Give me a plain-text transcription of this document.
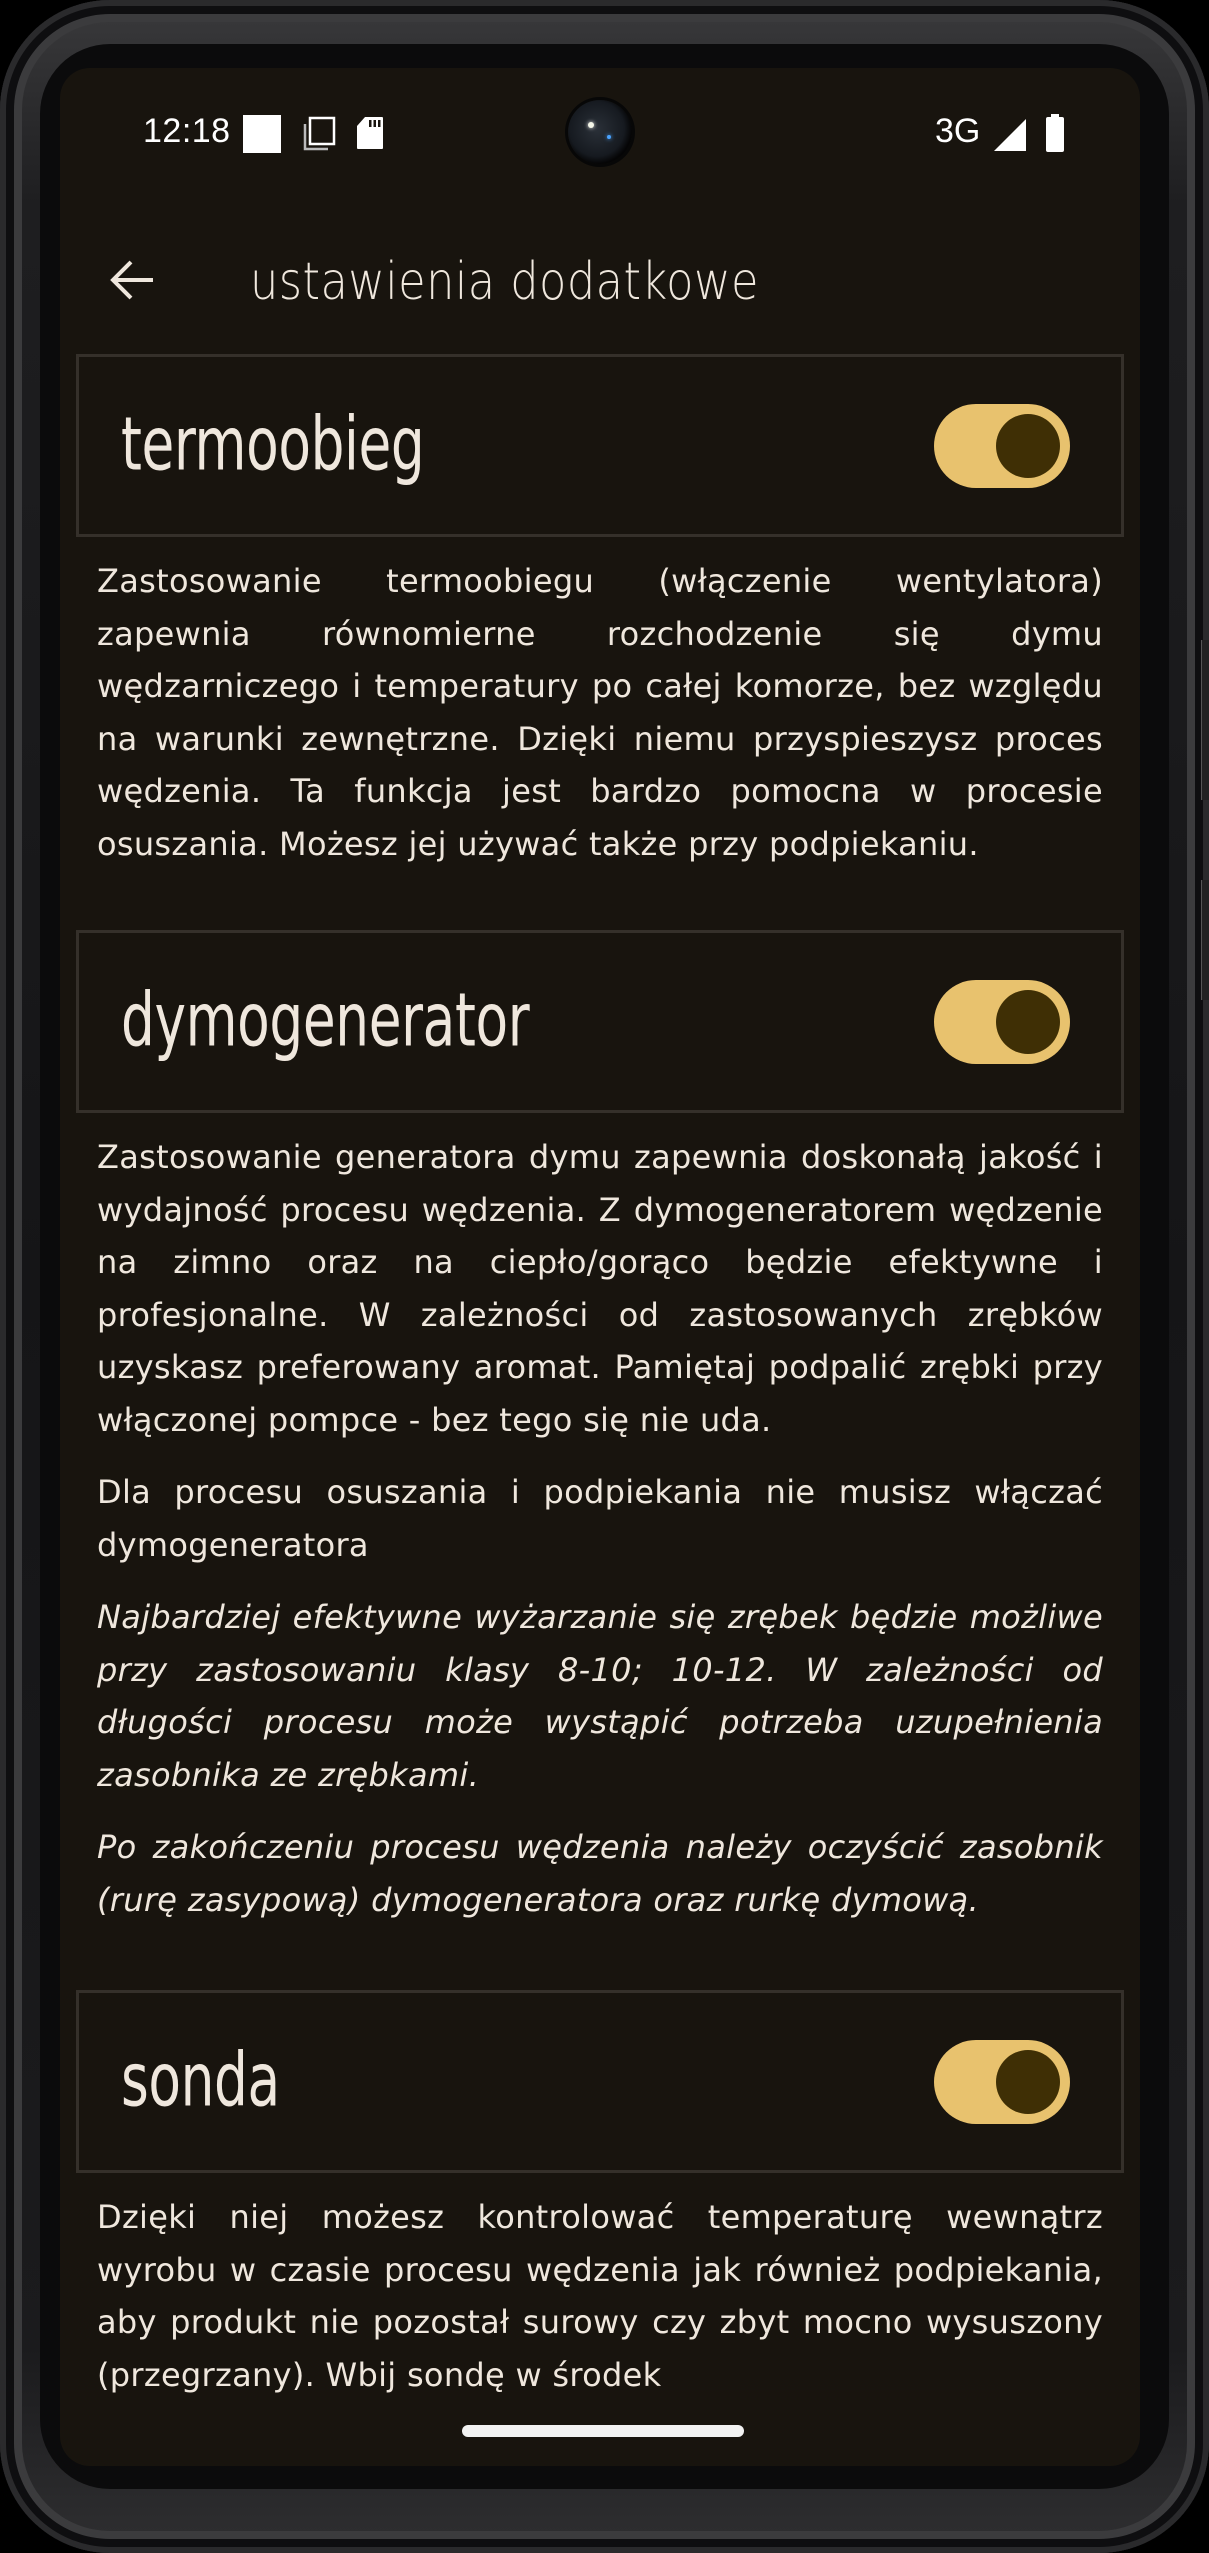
12:18	3G
ustawienia dodatkowe
termoobieg

Zastosowanie termoobiegu (włączenie wentylatora) zapewnia równomierne rozchodzenie się dymu wędzarniczego i temperatury po całej komorze, bez względu na warunki zewnętrzne. Dzięki niemu przyspieszysz proces wędzenia. Ta funkcja jest bardzo pomocna w procesie osuszania. Możesz jej używać także przy podpiekaniu.

dymogenerator

Zastosowanie generatora dymu zapewnia doskonałą jakość i wydajność procesu wędzenia. Z dymogeneratorem wędzenie na zimno oraz na ciepło/gorąco będzie efektywne i profesjonalne. W zależności od zastosowanych zrębków uzyskasz preferowany aromat. Pamiętaj podpalić zrębki przy włączonej pompce - bez tego się nie uda.

Dla procesu osuszania i podpiekania nie musisz włączać dymogeneratora

Najbardziej efektywne wyżarzanie się zrębek będzie możliwe przy zastosowaniu klasy 8-10; 10-12. W zależności od długości procesu może wystąpić potrzeba uzupełnienia zasobnika ze zrębkami.

Po zakończeniu procesu wędzenia należy oczyścić zasobnik (rurę zasypową) dymogeneratora oraz rurkę dymową.

sonda

Dzięki niej możesz kontrolować temperaturę wewnątrz wyrobu w czasie procesu wędzenia jak również podpiekania, aby produkt nie pozostał surowy czy zbyt mocno wysuszony (przegrzany). Wbij sondę w środek
